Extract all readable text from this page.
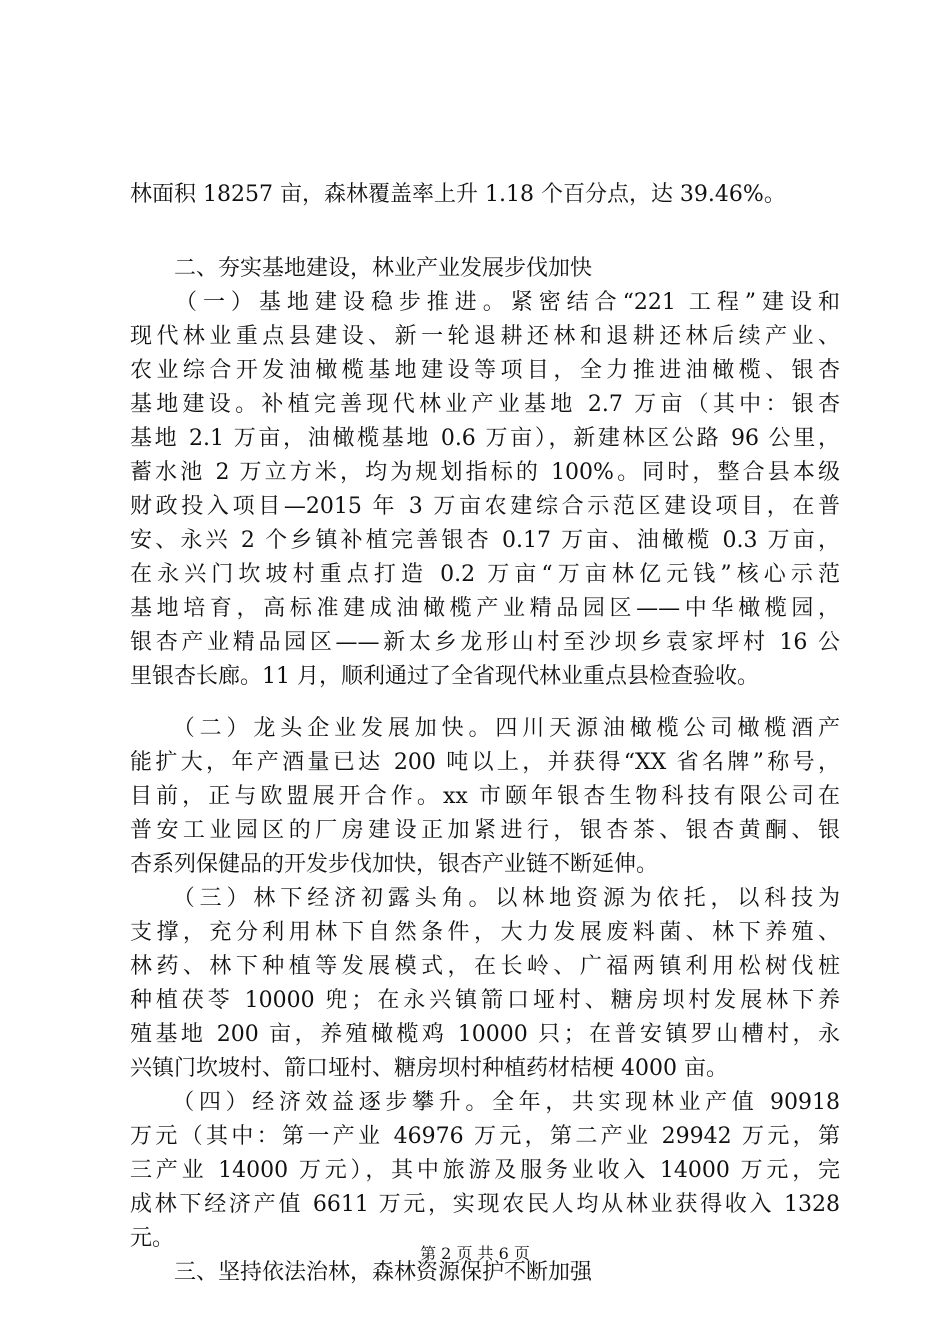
林面积 18257 亩，森林覆盖率上升 1.18 个百分点，达 39.46%。
　　二、夯实基地建设，林业产业发展步伐加快
　　（一）基地建设稳步推进。紧密结合“221 工程”建设和
现代林业重点县建设、新一轮退耕还林和退耕还林后续产业、
农业综合开发油橄榄基地建设等项目，全力推进油橄榄、银杏
基地建设。补植完善现代林业产业基地 2.7 万亩（其中：银杏
基地 2.1 万亩，油橄榄基地 0.6 万亩），新建林区公路 96 公里，
蓄水池 2 万立方米，均为规划指标的 100%。同时，整合县本级
财政投入项目—2015 年 3 万亩农建综合示范区建设项目，在普
安、永兴 2 个乡镇补植完善银杏 0.17 万亩、油橄榄 0.3 万亩，
在永兴门坎坡村重点打造 0.2 万亩“万亩林亿元钱”核心示范
基地培育，高标准建成油橄榄产业精品园区——中华橄榄园，
银杏产业精品园区——新太乡龙形山村至沙坝乡袁家坪村 16 公
里银杏长廊。11 月，顺利通过了全省现代林业重点县检查验收。
　　（二）龙头企业发展加快。四川天源油橄榄公司橄榄酒产
能扩大，年产酒量已达 200 吨以上，并获得“XX 省名牌”称号，
目前，正与欧盟展开合作。xx 市颐年银杏生物科技有限公司在
普安工业园区的厂房建设正加紧进行，银杏茶、银杏黄酮、银
杏系列保健品的开发步伐加快，银杏产业链不断延伸。
　　（三）林下经济初露头角。以林地资源为依托，以科技为
支撑，充分利用林下自然条件，大力发展废料菌、林下养殖、
林药、林下种植等发展模式，在长岭、广福两镇利用松树伐桩
种植茯苓 10000 兜；在永兴镇箭口垭村、糖房坝村发展林下养
殖基地 200 亩，养殖橄榄鸡 10000 只；在普安镇罗山槽村，永
兴镇门坎坡村、箭口垭村、糖房坝村种植药材桔梗 4000 亩。
　　（四）经济效益逐步攀升。全年，共实现林业产值 90918
万元（其中：第一产业 46976 万元，第二产业 29942 万元，第
三产业 14000 万元），其中旅游及服务业收入 14000 万元，完
成林下经济产值 6611 万元，实现农民人均从林业获得收入 1328
元。
　　三、坚持依法治林，森林资源保护不断加强
第 2 页 共 6 页
